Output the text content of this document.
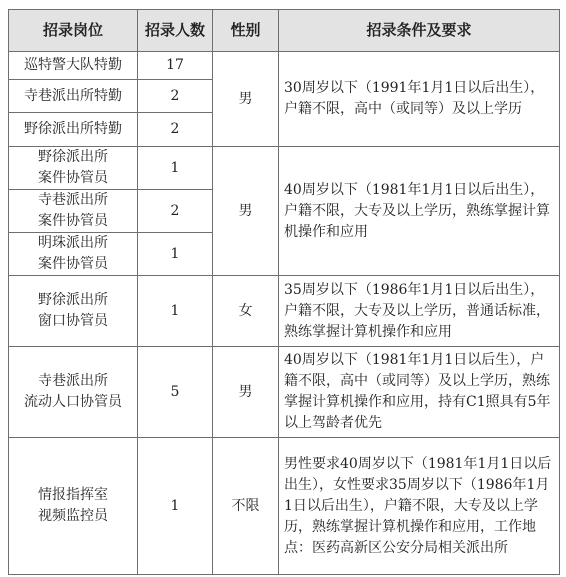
招录岗位	招录人数	性别	招录条件及要求
巡特警大队特勤	17	男	30周岁以下（1991年1月1日以后出生），户籍不限，高中（或同等）及以上学历
寺巷派出所特勤	2		
野徐派出所特勤	2		
野徐派出所
案件协管员	1	男	40周岁以下（1981年1月1日以后出生），户籍不限，大专及以上学历，熟练掌握计算机操作和应用
寺巷派出所
案件协管员	2		
明珠派出所
案件协管员	1		
野徐派出所
窗口协管员	1	女	35周岁以下（1986年1月1日以后出生），户籍不限，大专及以上学历，普通话标准，熟练掌握计算机操作和应用
寺巷派出所
流动人口协管员	5	男	40周岁以下（1981年1月1日以后生），户籍不限，高中（或同等）及以上学历，熟练掌握计算机操作和应用，持有C1照具有5年以上驾龄者优先
情报指挥室
视频监控员	1	不限	男性要求40周岁以下（1981年1月1日以后出生），女性要求35周岁以下（1986年1月1日以后出生），户籍不限，大专及以上学历，熟练掌握计算机操作和应用，工作地点：医药高新区公安分局相关派出所
